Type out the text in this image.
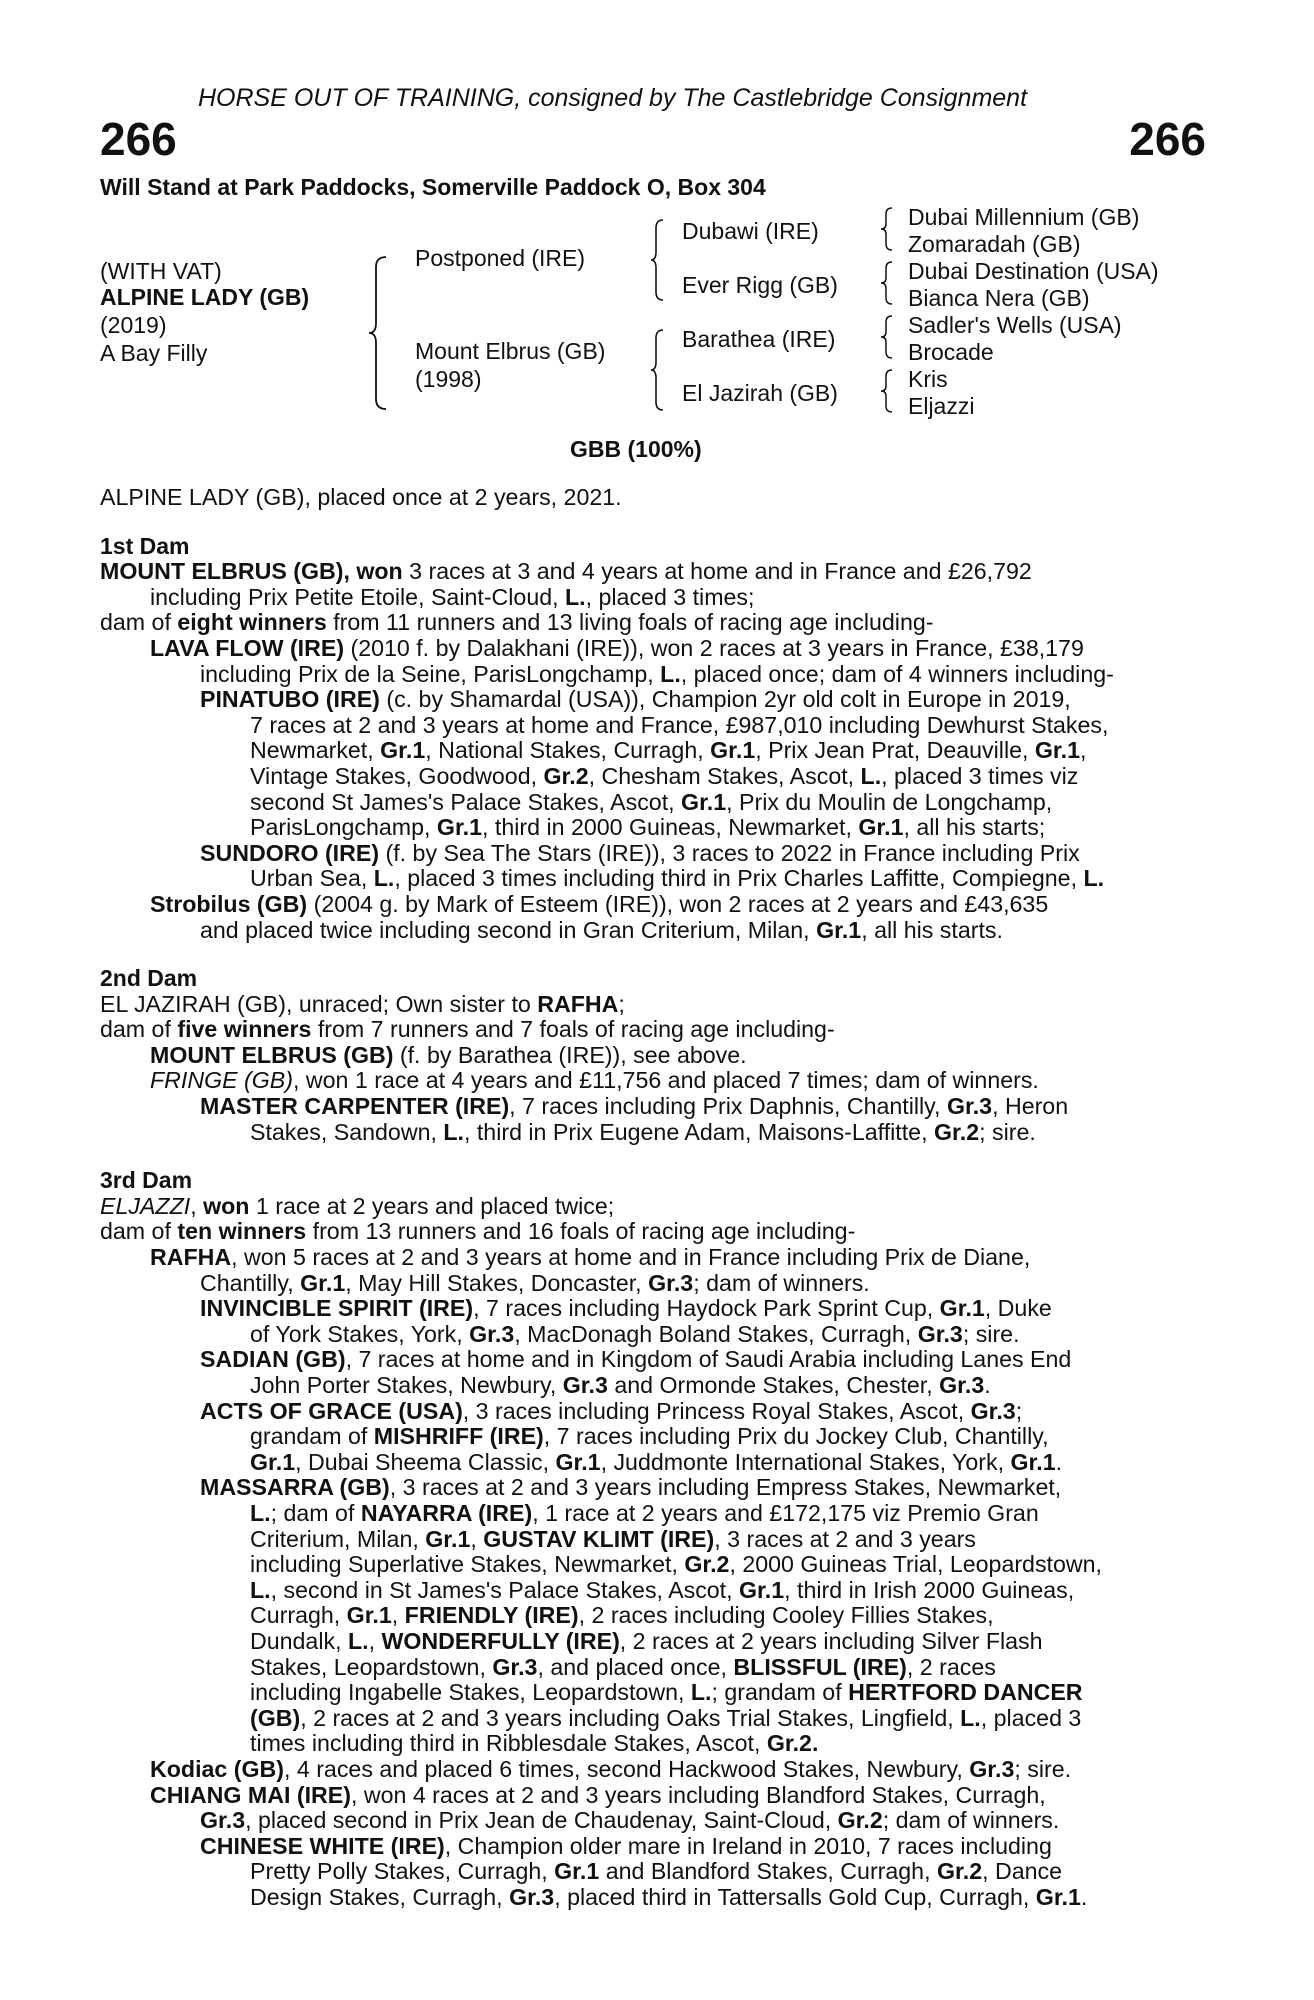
HORSE OUT OF TRAINING, consigned by The Castlebridge Consignment
266	266
Will Stand at Park Paddocks, Somerville Paddock O, Box 304
(WITH VAT)
ALPINE LADY (GB)
(2019)
A Bay Filly
Postponed (IRE)
Mount Elbrus (GB)
(1998)
Dubawi (IRE)
Ever Rigg (GB)
Barathea (IRE)
El Jazirah (GB)
Dubai Millennium (GB)
Zomaradah (GB)
Dubai Destination (USA)
Bianca Nera (GB)
Sadler's Wells (USA)
Brocade
Kris
Eljazzi
GBB (100%)

ALPINE LADY (GB), placed once at 2 years, 2021.

1st Dam

MOUNT ELBRUS (GB), won 3 races at 3 and 4 years at home and in France and £26,792

including Prix Petite Etoile, Saint-Cloud, L., placed 3 times;

dam of eight winners from 11 runners and 13 living foals of racing age including-

LAVA FLOW (IRE) (2010 f. by Dalakhani (IRE)), won 2 races at 3 years in France, £38,179

including Prix de la Seine, ParisLongchamp, L., placed once; dam of 4 winners including-

PINATUBO (IRE) (c. by Shamardal (USA)), Champion 2yr old colt in Europe in 2019,

7 races at 2 and 3 years at home and France, £987,010 including Dewhurst Stakes,

Newmarket, Gr.1, National Stakes, Curragh, Gr.1, Prix Jean Prat, Deauville, Gr.1,

Vintage Stakes, Goodwood, Gr.2, Chesham Stakes, Ascot, L., placed 3 times viz

second St James's Palace Stakes, Ascot, Gr.1, Prix du Moulin de Longchamp,

ParisLongchamp, Gr.1, third in 2000 Guineas, Newmarket, Gr.1, all his starts;

SUNDORO (IRE) (f. by Sea The Stars (IRE)), 3 races to 2022 in France including Prix

Urban Sea, L., placed 3 times including third in Prix Charles Laffitte, Compiegne, L.

Strobilus (GB) (2004 g. by Mark of Esteem (IRE)), won 2 races at 2 years and £43,635

and placed twice including second in Gran Criterium, Milan, Gr.1, all his starts.

2nd Dam

EL JAZIRAH (GB), unraced; Own sister to RAFHA;

dam of five winners from 7 runners and 7 foals of racing age including-

MOUNT ELBRUS (GB) (f. by Barathea (IRE)), see above.

FRINGE (GB), won 1 race at 4 years and £11,756 and placed 7 times; dam of winners.

MASTER CARPENTER (IRE), 7 races including Prix Daphnis, Chantilly, Gr.3, Heron

Stakes, Sandown, L., third in Prix Eugene Adam, Maisons-Laffitte, Gr.2; sire.

3rd Dam

ELJAZZI, won 1 race at 2 years and placed twice;

dam of ten winners from 13 runners and 16 foals of racing age including-

RAFHA, won 5 races at 2 and 3 years at home and in France including Prix de Diane,

Chantilly, Gr.1, May Hill Stakes, Doncaster, Gr.3; dam of winners.

INVINCIBLE SPIRIT (IRE), 7 races including Haydock Park Sprint Cup, Gr.1, Duke

of York Stakes, York, Gr.3, MacDonagh Boland Stakes, Curragh, Gr.3; sire.

SADIAN (GB), 7 races at home and in Kingdom of Saudi Arabia including Lanes End

John Porter Stakes, Newbury, Gr.3 and Ormonde Stakes, Chester, Gr.3.

ACTS OF GRACE (USA), 3 races including Princess Royal Stakes, Ascot, Gr.3;

grandam of MISHRIFF (IRE), 7 races including Prix du Jockey Club, Chantilly,

Gr.1, Dubai Sheema Classic, Gr.1, Juddmonte International Stakes, York, Gr.1.

MASSARRA (GB), 3 races at 2 and 3 years including Empress Stakes, Newmarket,

L.; dam of NAYARRA (IRE), 1 race at 2 years and £172,175 viz Premio Gran

Criterium, Milan, Gr.1, GUSTAV KLIMT (IRE), 3 races at 2 and 3 years

including Superlative Stakes, Newmarket, Gr.2, 2000 Guineas Trial, Leopardstown,

L., second in St James's Palace Stakes, Ascot, Gr.1, third in Irish 2000 Guineas,

Curragh, Gr.1, FRIENDLY (IRE), 2 races including Cooley Fillies Stakes,

Dundalk, L., WONDERFULLY (IRE), 2 races at 2 years including Silver Flash

Stakes, Leopardstown, Gr.3, and placed once, BLISSFUL (IRE), 2 races

including Ingabelle Stakes, Leopardstown, L.; grandam of HERTFORD DANCER

(GB), 2 races at 2 and 3 years including Oaks Trial Stakes, Lingfield, L., placed 3

times including third in Ribblesdale Stakes, Ascot, Gr.2.

Kodiac (GB), 4 races and placed 6 times, second Hackwood Stakes, Newbury, Gr.3; sire.

CHIANG MAI (IRE), won 4 races at 2 and 3 years including Blandford Stakes, Curragh,

Gr.3, placed second in Prix Jean de Chaudenay, Saint-Cloud, Gr.2; dam of winners.

CHINESE WHITE (IRE), Champion older mare in Ireland in 2010, 7 races including

Pretty Polly Stakes, Curragh, Gr.1 and Blandford Stakes, Curragh, Gr.2, Dance

Design Stakes, Curragh, Gr.3, placed third in Tattersalls Gold Cup, Curragh, Gr.1.
